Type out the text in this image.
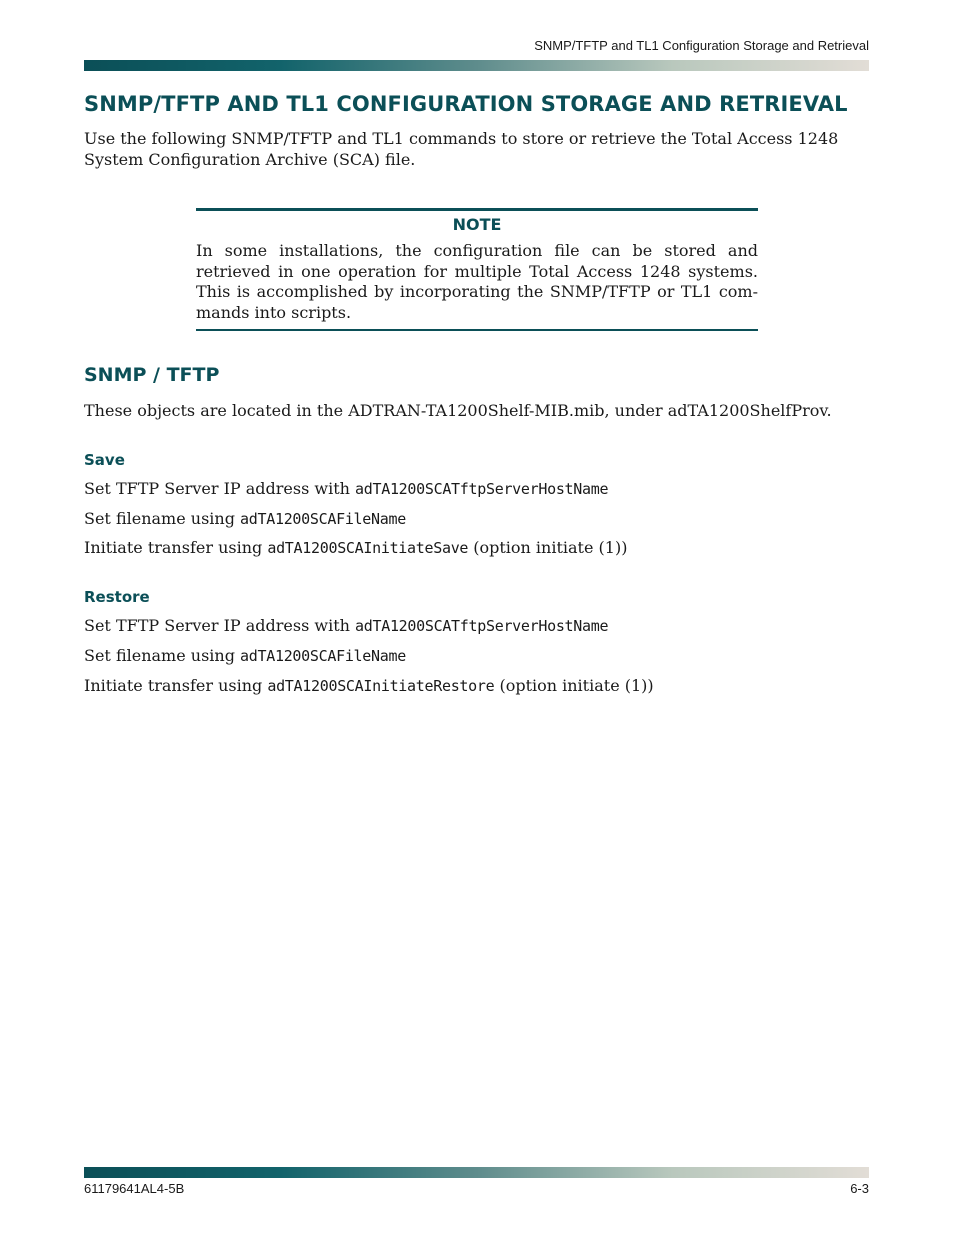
SNMP/TFTP and TL1 Configuration Storage and Retrieval
SNMP/TFTP AND TL1 CONFIGURATION STORAGE AND RETRIEVAL

Use the following SNMP/TFTP and TL1 commands to store or retrieve the Total Access 1248 System Configuration Archive (SCA) file.

NOTE

In some installations, the configuration file can be stored and retrieved in one operation for multiple Total Access 1248 systems. This is accomplished by incorporating the SNMP/TFTP or TL1 com-mands into scripts.

SNMP / TFTP

These objects are located in the ADTRAN-TA1200Shelf-MIB.mib, under adTA1200ShelfProv.

Save

Set TFTP Server IP address with adTA1200SCATftpServerHostName

Set filename using adTA1200SCAFileName

Initiate transfer using adTA1200SCAInitiateSave (option initiate (1))

Restore

Set TFTP Server IP address with adTA1200SCATftpServerHostName

Set filename using adTA1200SCAFileName

Initiate transfer using adTA1200SCAInitiateRestore (option initiate (1))

61179641AL4-5B	6-3
